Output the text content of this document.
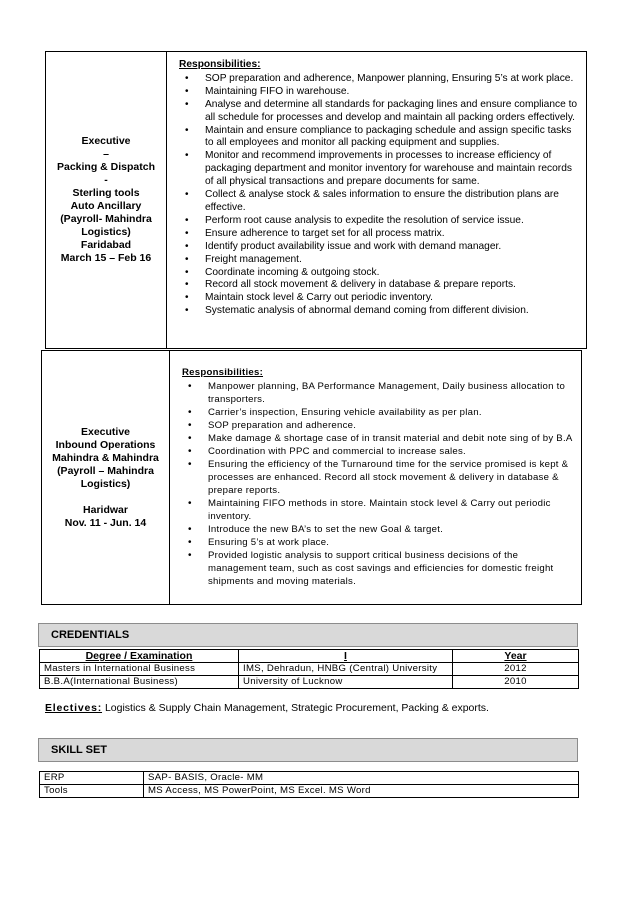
Executive
–
Packing & Dispatch
-
Sterling tools
Auto Ancillary
(Payroll- Mahindra
Logistics)
Faridabad
March 15 – Feb 16
Responsibilities:
• SOP preparation and adherence, Manpower planning, Ensuring 5’s at work place.
• Maintaining FIFO in warehouse.
• Analyse and determine all standards for packaging lines and ensure compliance to all schedule for processes and develop and maintain all packing orders effectively.
• Maintain and ensure compliance to packaging schedule and assign specific tasks to all employees and monitor all packing equipment and supplies.
• Monitor and recommend improvements in processes to increase efficiency of packaging department and monitor inventory for warehouse and maintain records of all physical transactions and prepare documents for same.
• Collect & analyse stock & sales information to ensure the distribution plans are effective.
• Perform root cause analysis to expedite the resolution of service issue.
• Ensure adherence to target set for all process matrix.
• Identify product availability issue and work with demand manager.
• Freight management.
• Coordinate incoming & outgoing stock.
• Record all stock movement & delivery in database & prepare reports.
• Maintain stock level & Carry out periodic inventory.
• Systematic analysis of abnormal demand coming from different division.
Executive
Inbound Operations
Mahindra & Mahindra
(Payroll – Mahindra
Logistics)
Haridwar
Nov. 11 - Jun. 14
Responsibilities:
• Manpower planning, BA Performance Management, Daily business allocation to transporters.
• Carrier’s inspection, Ensuring vehicle availability as per plan.
• SOP preparation and adherence.
• Make damage & shortage case of in transit material and debit note sing of by B.A
• Coordination with PPC and commercial to increase sales.
• Ensuring the efficiency of the Turnaround time for the service promised is kept & processes are enhanced. Record all stock movement & delivery in database & prepare reports.
• Maintaining FIFO methods in store. Maintain stock level & Carry out periodic inventory.
• Introduce the new BA’s to set the new Goal & target.
• Ensuring 5’s at work place.
• Provided logistic analysis to support critical business decisions of the management team, such as cost savings and efficiencies for domestic freight shipments and moving materials.
CREDENTIALS
Degree / Examination	I	Year
Masters in International Business	IMS, Dehradun, HNBG (Central) University	2012
B.B.A(International Business)	University of Lucknow	2010
Electives: Logistics & Supply Chain Management, Strategic Procurement, Packing & exports.
SKILL SET
ERP	SAP- BASIS, Oracle- MM
Tools	MS Access, MS PowerPoint, MS Excel. MS Word
